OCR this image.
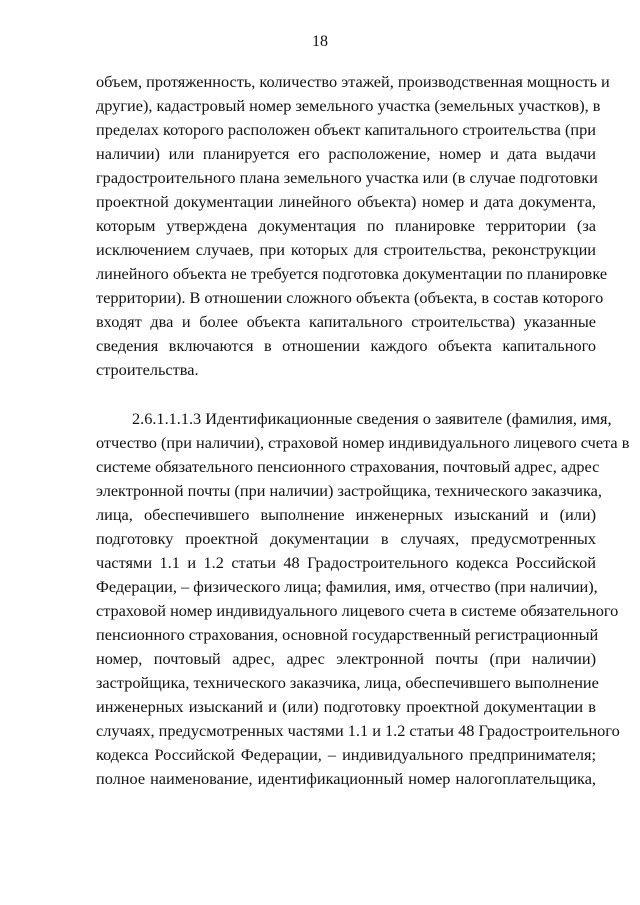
18
объем, протяженность, количество этажей, производственная мощность и
другие), кадастровый номер земельного участка (земельных участков), в
пределах которого расположен объект капитального строительства (при
наличии) или планируется его расположение, номер и дата выдачи
градостроительного плана земельного участка или (в случае подготовки
проектной документации линейного объекта) номер и дата документа,
которым утверждена документация по планировке территории (за
исключением случаев, при которых для строительства, реконструкции
линейного объекта не требуется подготовка документации по планировке
территории). В отношении сложного объекта (объекта, в состав которого
входят два и более объекта капитального строительства) указанные
сведения включаются в отношении каждого объекта капитального
строительства.
2.6.1.1.1.3 Идентификационные сведения о заявителе (фамилия, имя,
отчество (при наличии), страховой номер индивидуального лицевого счета в
системе обязательного пенсионного страхования, почтовый адрес, адрес
электронной почты (при наличии) застройщика, технического заказчика,
лица, обеспечившего выполнение инженерных изысканий и (или)
подготовку проектной документации в случаях, предусмотренных
частями 1.1 и 1.2 статьи 48 Градостроительного кодекса Российской
Федерации, – физического лица; фамилия, имя, отчество (при наличии),
страховой номер индивидуального лицевого счета в системе обязательного
пенсионного страхования, основной государственный регистрационный
номер, почтовый адрес, адрес электронной почты (при наличии)
застройщика, технического заказчика, лица, обеспечившего выполнение
инженерных изысканий и (или) подготовку проектной документации в
случаях, предусмотренных частями 1.1 и 1.2 статьи 48 Градостроительного
кодекса Российской Федерации, – индивидуального предпринимателя;
полное наименование, идентификационный номер налогоплательщика,
